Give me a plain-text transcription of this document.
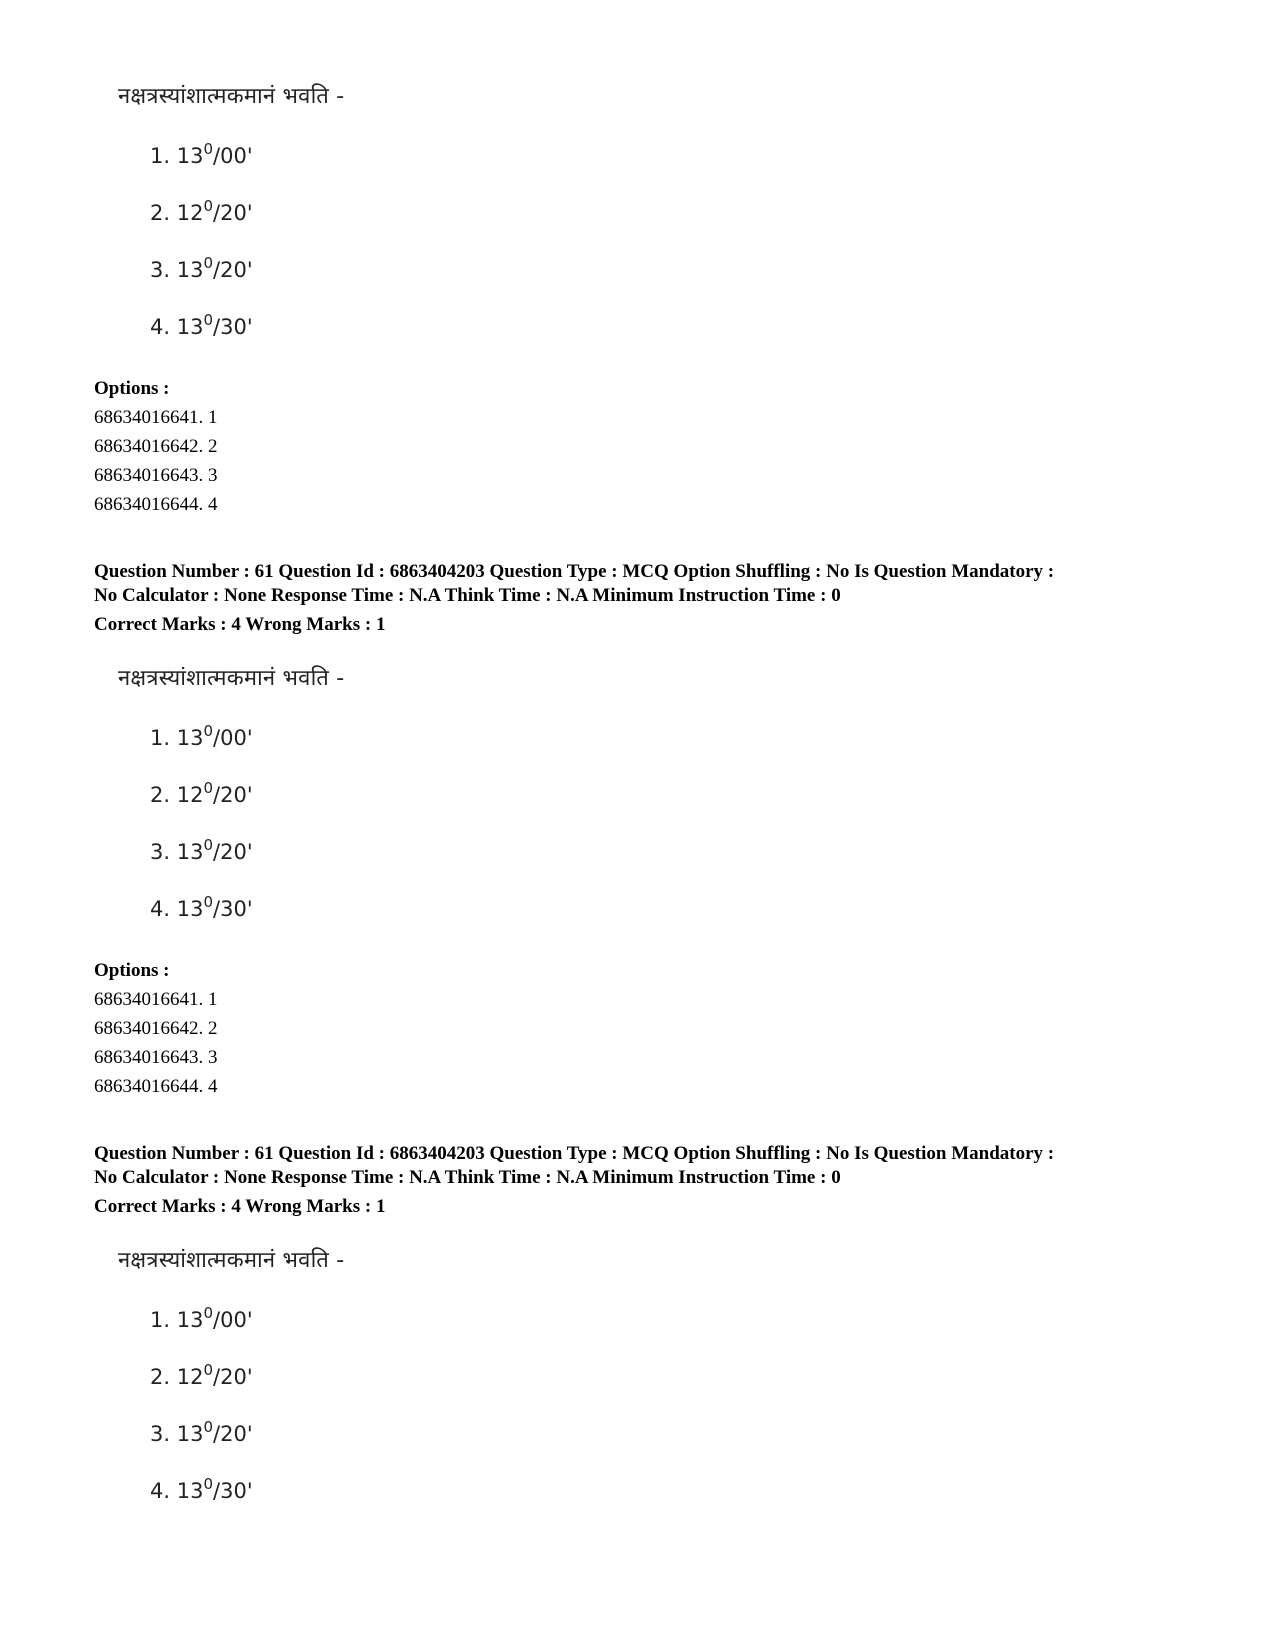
नक्षत्रस्यांशात्मकमानं भवति -
1. $13^0/00'$
2. $12^0/20'$
3. $13^0/20'$
4. $13^0/30'$
Options :
68634016641. 1
68634016642. 2
68634016643. 3
68634016644. 4
Question Number : 61 Question Id : 6863404203 Question Type : MCQ Option Shuffling : No Is Question Mandatory :
No Calculator : None Response Time : N.A Think Time : N.A Minimum Instruction Time : 0
Correct Marks : 4 Wrong Marks : 1
नक्षत्रस्यांशात्मकमानं भवति -
1. $13^0/00'$
2. $12^0/20'$
3. $13^0/20'$
4. $13^0/30'$
Options :
68634016641. 1
68634016642. 2
68634016643. 3
68634016644. 4
Question Number : 61 Question Id : 6863404203 Question Type : MCQ Option Shuffling : No Is Question Mandatory :
No Calculator : None Response Time : N.A Think Time : N.A Minimum Instruction Time : 0
Correct Marks : 4 Wrong Marks : 1
नक्षत्रस्यांशात्मकमानं भवति -
1. $13^0/00'$
2. $12^0/20'$
3. $13^0/20'$
4. $13^0/30'$
